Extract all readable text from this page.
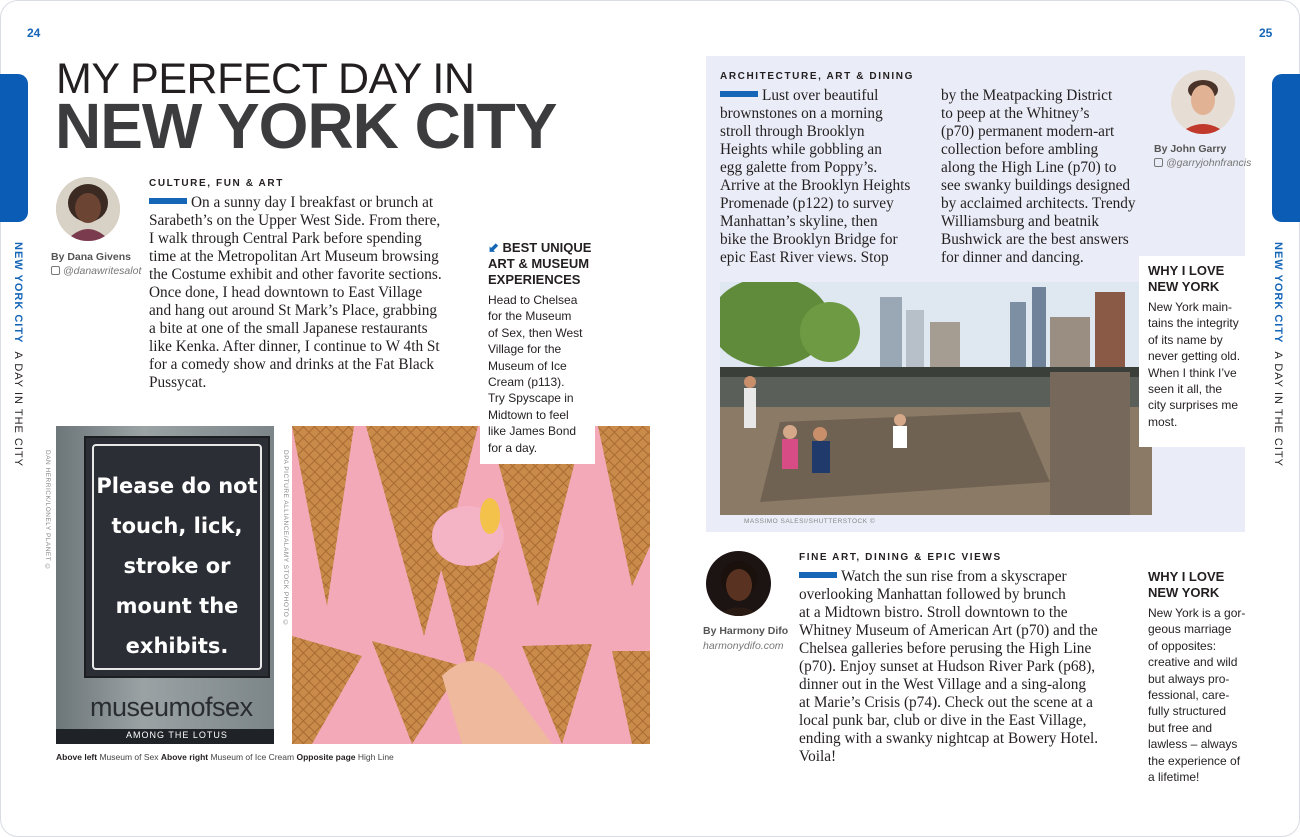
24	25
NEW YORK CITY  A DAY IN THE CITY
NEW YORK CITY  A DAY IN THE CITY
MY PERFECT DAY IN
NEW YORK CITY
By Dana Givens
@danawritesalot
CULTURE, FUN & ART
On a sunny day I breakfast or brunch at
Sarabeth’s on the Upper West Side. From there,
I walk through Central Park before spending
time at the Metropolitan Art Museum browsing
the Costume exhibit and other favorite sections.
Once done, I head downtown to East Village
and hang out around St Mark’s Place, grabbing
a bite at one of the small Japanese restaurants
like Kenka. After dinner, I continue to W 4th St
for a comedy show and drinks at the Fat Black
Pussycat.
Please do not
touch, lick,
stroke or
mount the
exhibits.
museumofsex
AMONG THE LOTUS
DAN HERRICK/LONELY PLANET ©	DPA PICTURE ALLIANCE/ALAMY STOCK PHOTO ©
Above left Museum of Sex Above right Museum of Ice Cream Opposite page High Line
⬋ BEST UNIQUE
ART & MUSEUM
EXPERIENCES
Head to Chelsea
for the Museum
of Sex, then West
Village for the
Museum of Ice
Cream (p113).
Try Spyscape in
Midtown to feel
like James Bond
for a day.
ARCHITECTURE, ART & DINING
Lust over beautiful
brownstones on a morning
stroll through Brooklyn
Heights while gobbling an
egg galette from Poppy’s.
Arrive at the Brooklyn Heights
Promenade (p122) to survey
Manhattan’s skyline, then
bike the Brooklyn Bridge for
epic East River views. Stop
by the Meatpacking District
to peep at the Whitney’s
(p70) permanent modern-art
collection before ambling
along the High Line (p70) to
see swanky buildings designed
by acclaimed architects. Trendy
Williamsburg and beatnik
Bushwick are the best answers
for dinner and dancing.
By John Garry
@garryjohnfrancis
MASSIMO SALESI/SHUTTERSTOCK ©
WHY I LOVE
NEW YORK
New York main-
tains the integrity
of its name by
never getting old.
When I think I’ve
seen it all, the
city surprises me
most.
By Harmony Difo
harmonydifo.com
FINE ART, DINING & EPIC VIEWS
Watch the sun rise from a skyscraper
overlooking Manhattan followed by brunch
at a Midtown bistro. Stroll downtown to the
Whitney Museum of American Art (p70) and the
Chelsea galleries before perusing the High Line
(p70). Enjoy sunset at Hudson River Park (p68),
dinner out in the West Village and a sing-along
at Marie’s Crisis (p74). Check out the scene at a
local punk bar, club or dive in the East Village,
ending with a swanky nightcap at Bowery Hotel.
Voila!
WHY I LOVE
NEW YORK
New York is a gor-
geous marriage
of opposites:
creative and wild
but always pro-
fessional, care-
fully structured
but free and
lawless – always
the experience of
a lifetime!
